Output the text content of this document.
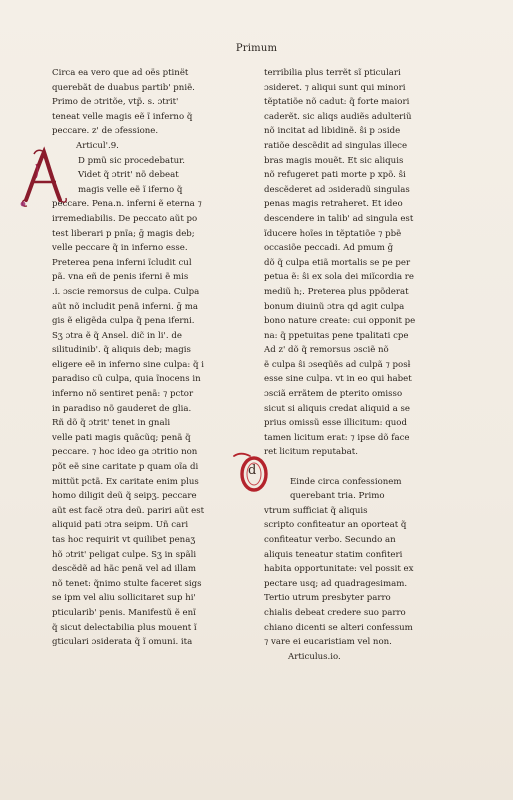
Primum
Circa ea vero que ad oës ptinët
querebãt de duabus partib' pniẽ.
Primo de ɔtritõe, vtp̃. s. ɔtrit'
teneat velle magis eẽ ĩ inferno q̃
peccare. z' de ɔfessione.
Articul'.9.
D pmũ sic procedebatur.
Videt q̃ ɔtrit' nõ debeat
magis velle eẽ ĩ iferno q̃
peccare. Pena.n. inferni ẽ eterna ⁊
irremediabilis. De peccato aũt po
test liberari p pnĩa; ḡ magis deb;
velle peccare q̃ in inferno esse.
Preterea pena inferni ĩcludit cul
pã. vna eñ de penis iferni ẽ mis
.i. ɔscie remorsus de culpa. Culpa
aũt nõ includit penã inferni. ḡ ma
gis ẽ eligẽda culpa q̃ pena iferni.
Sʒ ɔtra ẽ q̃ Ansel. dic̃ in li'. de
silitudinib'. q̃ aliquis deb; magis
eligere eẽ in inferno sine culpa: q̃ i
paradiso cũ culpa, quia ĩnocens in
inferno nõ sentiret penã: ⁊ pctor
in paradiso nõ gauderet de glia.
Rñ dõ q̃ ɔtrit' tenet in gnali
velle pati magis quãcũq; penã q̃
peccare. ⁊ hoc ideo ga ɔtritio non
põt eẽ sine caritate p quam oĩa di
mittũt pctã. Ex caritate enim plus
homo diligit deũ q̃ seipʒ. peccare
aũt est facẽ ɔtra deũ. pariri aũt est
aliquid pati ɔtra seipm. Uñ cari
tas hoc requirit vt quilibet penaʒ
hõ ɔtrit' peligat culpe. Sʒ in spãli
descẽdẽ ad hãc penã vel ad illam
nõ tenet: q̃nimo stulte faceret sigs
se ipm vel aliu sollicitaret sup hi'
pticularib' penis. Manifestũ ẽ enĩ
q̃ sicut delectabilia plus mouent ĩ
gticulari ɔsiderata q̃ ĩ omuni. ita
terribilia plus terrẽt sĩ pticulari
ɔsideret. ⁊ aliqui sunt qui minori
tẽptatiõe nõ cadut: q̃ forte maiori
caderẽt. sic aliqs audiẽs adulteriũ
nõ incitat ad libidinẽ. ŝi p ɔside
ratiõe descẽdit ad singulas illece
bras magis mouẽt. Et sic aliquis
nõ refugeret pati morte p xpõ. ŝi
descẽderet ad ɔsideradũ singulas
penas magis retraheret. Et ideo
descendere in talib' ad singula est
ĩducere hoĩes in tẽptatiõe ⁊ pbẽ
occasiõe peccadi. Ad pmum ḡ
dõ q̃ culpa etiã mortalis se pe per
petua ẽ: ŝi ex sola dei miĩcordia re
mediũ h;. Preterea plus ppõderat
bonum diuinũ ɔtra qd agit culpa
bono nature create: cui opponit pe
na: q̃ ppetuitas pene tpalitati cpe
Ad z' dõ q̃ remorsus ɔsciẽ nõ
ẽ culpa ŝi ɔseqũẽs ad culpã ⁊ posƚ
esse sine culpa. vt in eo qui habet
ɔsciã errãtem de pterito omisso
sicut si aliquis credat aliquid a se
prius omissũ esse illicitum: quod
tamen licitum erat: ⁊ ipse dõ face
ret licitum reputabat.
Einde circa confessionem
querebant tria. Primo
vtrum sufficiat q̃ aliquis
scripto confiteatur an oporteat q̃
confiteatur verbo. Secundo an
aliquis teneatur statim confiteri
habita opportunitate: vel possit ex
pectare usq; ad quadragesimam.
Tertio utrum presbyter parro
chialis debeat credere suo parro
chiano dicenti se alteri confessum
⁊ vare ei eucaristiam vel non.
Articulus.io.
d
